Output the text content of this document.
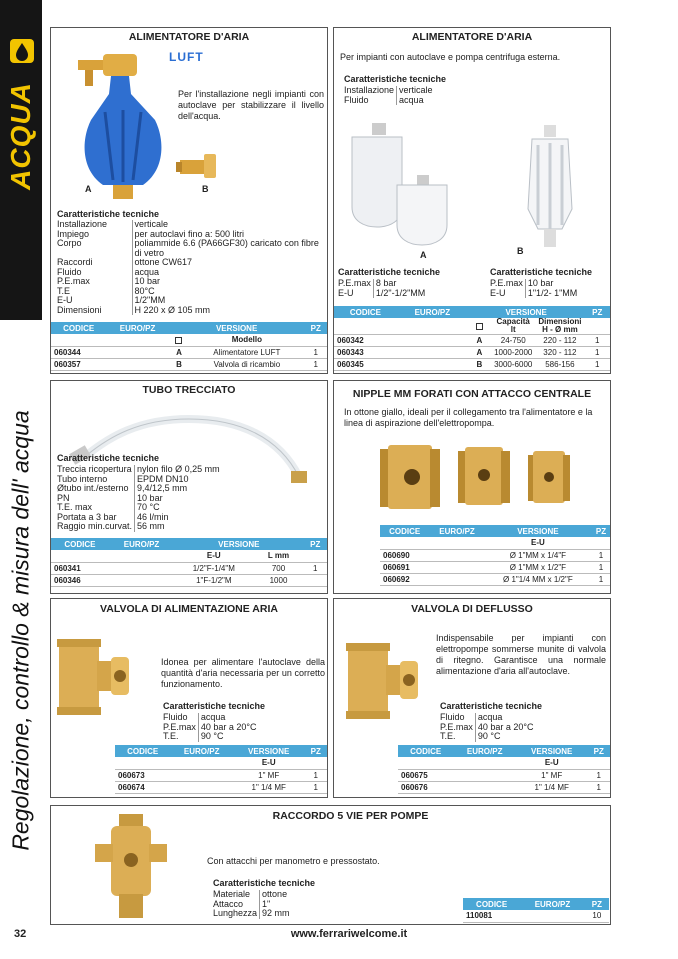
ACQUA
Regolazione, controllo & misura dell' acqua
32	www.ferrariwelcome.it
ALIMENTATORE D'ARIA
LUFT
A	B
Per l'installazione negli impianti con autoclave per stabilizzare il livello dell'acqua.
Caratteristiche tecniche
Installazione	verticale
Impiego	per autoclavi fino a: 500 litri
Corpo	poliammide 6.6 (PA66GF30) caricato con fibre di vetro
Raccordi	ottone CW617
Fluido	acqua
P.E.max	10 bar
T.E	80°C
E-U	1/2"MM
Dimensioni	H 220 x Ø 105 mm
CODICE	EURO/PZ	VERSIONE		PZ
			Modello	
060344		A	Alimentatore LUFT	1
060357		B	Valvola di ricambio	1
ALIMENTATORE D'ARIA
Per impianti con autoclave e pompa centrifuga esterna.
Caratteristiche tecniche
Installazione	verticale
Fluido	acqua
A	B
Caratteristiche tecniche
P.E.max	8 bar
E-U	1/2"-1/2"MM
Caratteristiche tecniche
P.E.max	10 bar
E-U	1"1/2- 1"MM
CODICE	EURO/PZ	VERSIONE			PZ
			Capacità lt	Dimensioni H - Ø mm	
060342		A	24-750	220 - 112	1
060343		A	1000-2000	320 - 112	1
060345		B	3000-6000	586-156	1
TUBO TRECCIATO
Caratteristiche tecniche
Treccia ricopertura	nylon filo Ø 0,25 mm
Tubo interno	EPDM DN10
Øtubo int./esterno	9,4/12,5 mm
PN	10 bar
T.E. max	70 °C
Portata a 3 bar	46 l/min
Raggio min.curvat.	56 mm
CODICE	EURO/PZ	VERSIONE		PZ
		E-U	L mm	
060341		1/2"F-1/4"M	700	1
060346		1"F-1/2"M	1000	
NIPPLE MM FORATI CON ATTACCO CENTRALE
In ottone giallo, ideali per il collegamento tra l'alimentatore e la linea di aspirazione dell'elettropompa.
CODICE	EURO/PZ	VERSIONE	PZ
		E-U	
060690		Ø 1"MM x 1/4"F	1
060691		Ø 1"MM x 1/2"F	1
060692		Ø 1"1/4 MM x 1/2"F	1
VALVOLA DI ALIMENTAZIONE ARIA
Idonea per alimentare l'autoclave della quantità d'aria necessaria per un corretto funzionamento.
Caratteristiche tecniche
Fluido	acqua
P.E.max	40 bar a 20°C
T.E.	90 °C
CODICE	EURO/PZ	VERSIONE	PZ
		E-U	
060673		1" MF	1
060674		1" 1/4 MF	1
VALVOLA DI DEFLUSSO
Indispensabile per impianti con elettropompe sommerse munite di valvola di ritegno. Garantisce una normale alimentazione d'aria all'autoclave.
Caratteristiche tecniche
Fluido	acqua
P.E.max	40 bar a 20°C
T.E.	90 °C
CODICE	EURO/PZ	VERSIONE	PZ
		E-U	
060675		1" MF	1
060676		1" 1/4 MF	1
RACCORDO 5 VIE PER POMPE
Con attacchi per manometro e pressostato.
Caratteristiche tecniche
Materiale	ottone
Attacco	1"
Lunghezza	92 mm
CODICE	EURO/PZ	PZ
110081		10
